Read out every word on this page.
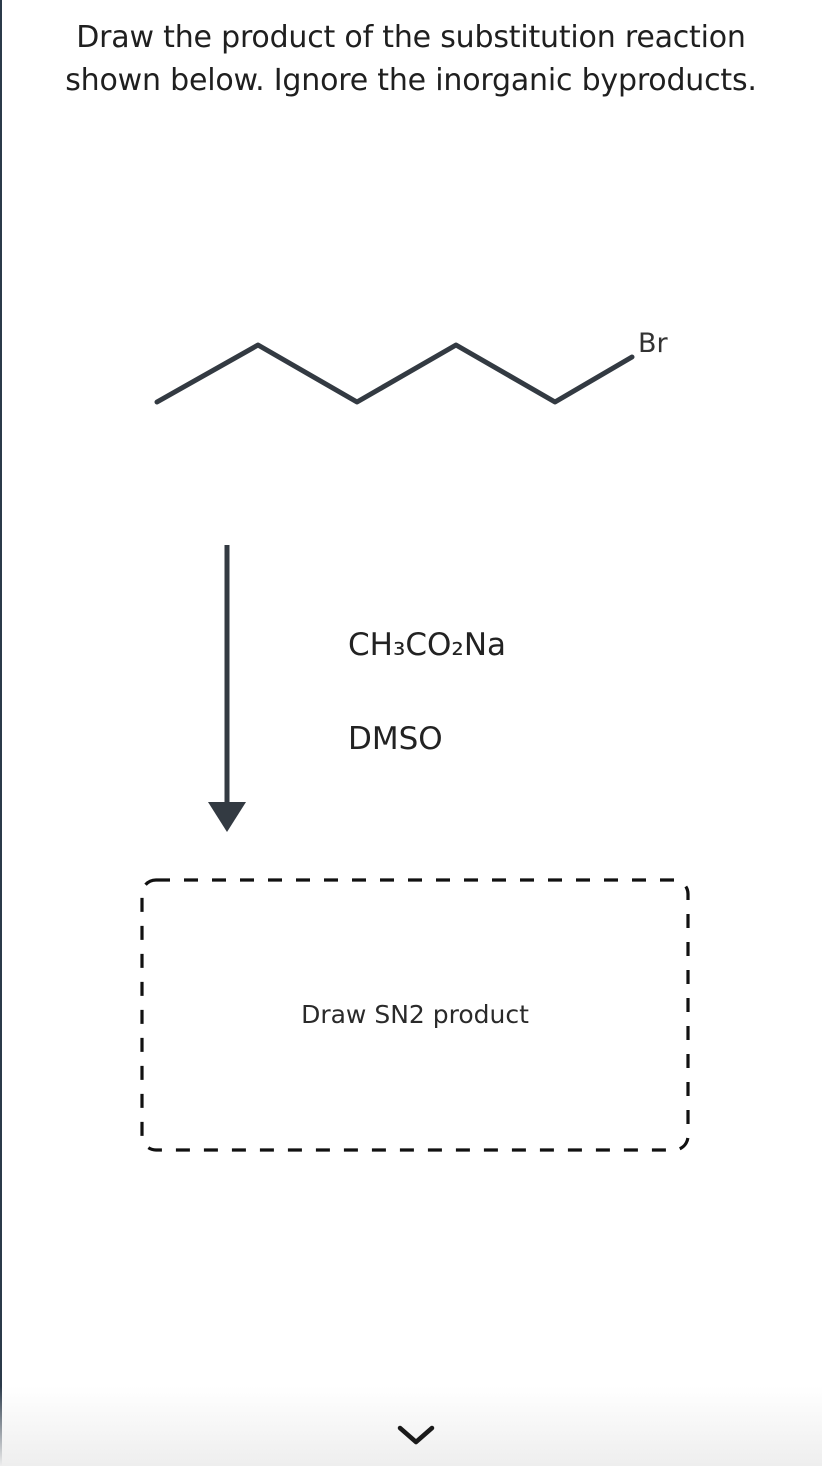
Draw the product of the substitution reaction
shown below. Ignore the inorganic byproducts.
Br
CH₃CO₂Na
DMSO
Draw SN2 product
